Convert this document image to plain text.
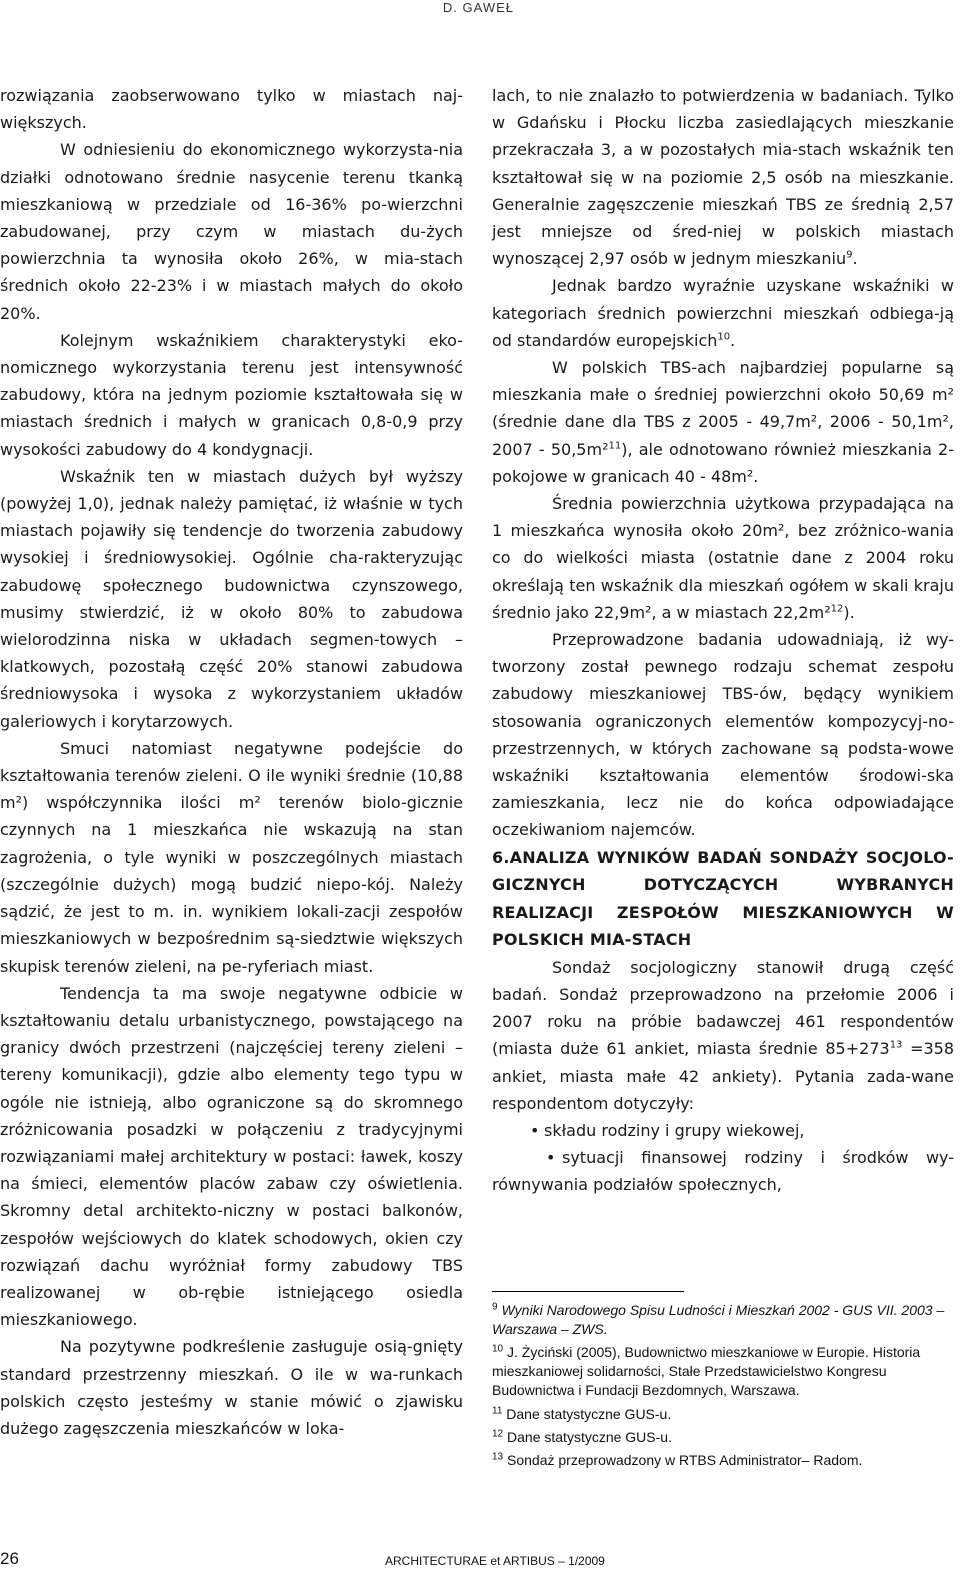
D. GAWEŁ

rozwiązania zaobserwowano tylko w miastach naj-większych.

W odniesieniu do ekonomicznego wykorzysta-nia działki odnotowano średnie nasycenie terenu tkanką mieszkaniową w przedziale od 16-36% po-wierzchni zabudowanej, przy czym w miastach du-żych powierzchnia ta wynosiła około 26%, w mia-stach średnich około 22-23% i w miastach małych do około 20%.

Kolejnym wskaźnikiem charakterystyki eko-nomicznego wykorzystania terenu jest intensywność zabudowy, która na jednym poziomie kształtowała się w miastach średnich i małych w granicach 0,8-0,9 przy wysokości zabudowy do 4 kondygnacji.

Wskaźnik ten w miastach dużych był wyższy (powyżej 1,0), jednak należy pamiętać, iż właśnie w tych miastach pojawiły się tendencje do tworzenia zabudowy wysokiej i średniowysokiej. Ogólnie cha-rakteryzując zabudowę społecznego budownictwa czynszowego, musimy stwierdzić, iż w około 80% to zabudowa wielorodzinna niska w układach segmen-towych – klatkowych, pozostałą część 20% stanowi zabudowa średniowysoka i wysoka z wykorzystaniem układów galeriowych i korytarzowych.

Smuci natomiast negatywne podejście do kształtowania terenów zieleni. O ile wyniki średnie (10,88 m²) współczynnika ilości m² terenów biolo-gicznie czynnych na 1 mieszkańca nie wskazują na stan zagrożenia, o tyle wyniki w poszczególnych miastach (szczególnie dużych) mogą budzić niepo-kój. Należy sądzić, że jest to m. in. wynikiem lokali-zacji zespołów mieszkaniowych w bezpośrednim są-siedztwie większych skupisk terenów zieleni, na pe-ryferiach miast.

Tendencja ta ma swoje negatywne odbicie w kształtowaniu detalu urbanistycznego, powstającego na granicy dwóch przestrzeni (najczęściej tereny zieleni – tereny komunikacji), gdzie albo elementy tego typu w ogóle nie istnieją, albo ograniczone są do skromnego zróżnicowania posadzki w połączeniu z tradycyjnymi rozwiązaniami małej architektury w postaci: ławek, koszy na śmieci, elementów placów zabaw czy oświetlenia. Skromny detal architekto-niczny w postaci balkonów, zespołów wejściowych do klatek schodowych, okien czy rozwiązań dachu wyróżniał formy zabudowy TBS realizowanej w ob-rębie istniejącego osiedla mieszkaniowego.

Na pozytywne podkreślenie zasługuje osią-gnięty standard przestrzenny mieszkań. O ile w wa-runkach polskich często jesteśmy w stanie mówić o zjawisku dużego zagęszczenia mieszkańców w loka-

lach, to nie znalazło to potwierdzenia w badaniach. Tylko w Gdańsku i Płocku liczba zasiedlających mieszkanie przekraczała 3, a w pozostałych mia-stach wskaźnik ten kształtował się w na poziomie 2,5 osób na mieszkanie. Generalnie zagęszczenie mieszkań TBS ze średnią 2,57 jest mniejsze od śred-niej w polskich miastach wynoszącej 2,97 osób w jednym mieszkaniu$^9$.

Jednak bardzo wyraźnie uzyskane wskaźniki w kategoriach średnich powierzchni mieszkań odbiega-ją od standardów europejskich$^{10}$.

W polskich TBS-ach najbardziej popularne są mieszkania małe o średniej powierzchni około 50,69 m² (średnie dane dla TBS z 2005 - 49,7m², 2006 - 50,1m², 2007 - 50,5m²$^{11}$), ale odnotowano również mieszkania 2-pokojowe w granicach 40 - 48m².

Średnia powierzchnia użytkowa przypadająca na 1 mieszkańca wynosiła około 20m², bez zróżnico-wania co do wielkości miasta (ostatnie dane z 2004 roku określają ten wskaźnik dla mieszkań ogółem w skali kraju średnio jako 22,9m², a w miastach 22,2m²$^{12}$).

Przeprowadzone badania udowadniają, iż wy-tworzony został pewnego rodzaju schemat zespołu zabudowy mieszkaniowej TBS-ów, będący wynikiem stosowania ograniczonych elementów kompozycyj-no-przestrzennych, w których zachowane są podsta-wowe wskaźniki kształtowania elementów środowi-ska zamieszkania, lecz nie do końca odpowiadające oczekiwaniom najemców.

6.ANALIZA WYNIKÓW BADAŃ SONDAŻY SOCJOLO-GICZNYCH DOTYCZĄCYCH WYBRANYCH REALIZACJI ZESPOŁÓW MIESZKANIOWYCH W POLSKICH MIA-STACH

Sondaż socjologiczny stanowił drugą część badań. Sondaż przeprowadzono na przełomie 2006 i 2007 roku na próbie badawczej 461 respondentów (miasta duże 61 ankiet, miasta średnie $85+273^{13} =358$ ankiet, miasta małe 42 ankiety). Pytania zada-wane respondentom dotyczyły:

• składu rodziny i grupy wiekowej,
• sytuacji finansowej rodziny i środków wy-równywania podziałów społecznych,
$^9$ Wyniki Narodowego Spisu Ludności i Mieszkań 2002 - GUS VII. 2003 – Warszawa – ZWS.
$^{10}$ J. Życiński (2005), Budownictwo mieszkaniowe w Europie. Historia mieszkaniowej solidarności, Stałe Przedstawicielstwo Kongresu Budownictwa i Fundacji Bezdomnych, Warszawa.
$^{11}$ Dane statystyczne GUS-u.
$^{12}$ Dane statystyczne GUS-u.
$^{13}$ Sondaż przeprowadzony w RTBS Administrator– Radom.
26	ARCHITECTURAE et ARTIBUS – 1/2009
